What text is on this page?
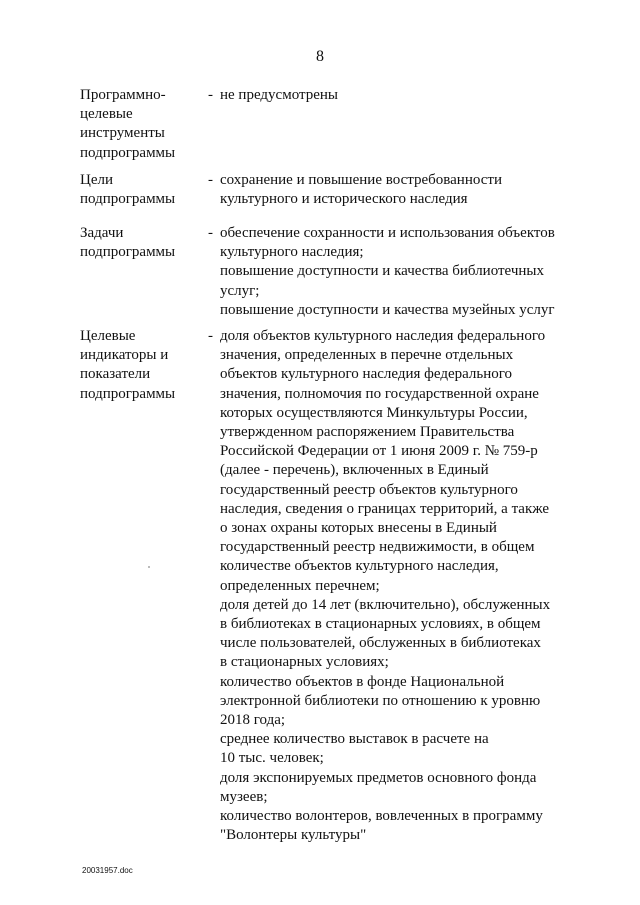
8
Программно-
целевые
инструменты
подпрограммы
- не предусмотрены
Цели
подпрограммы
- сохранение и повышение востребованности
культурного и исторического наследия
Задачи
подпрограммы
- обеспечение сохранности и использования объектов
культурного наследия;
повышение доступности и качества библиотечных
услуг;
повышение доступности и качества музейных услуг
Целевые
индикаторы и
показатели
подпрограммы
- доля объектов культурного наследия федерального
значения, определенных в перечне отдельных
объектов культурного наследия федерального
значения, полномочия по государственной охране
которых осуществляются Минкультуры России,
утвержденном распоряжением Правительства
Российской Федерации от 1 июня 2009 г. № 759-р
(далее - перечень), включенных в Единый
государственный реестр объектов культурного
наследия, сведения о границах территорий, а также
о зонах охраны которых внесены в Единый
государственный реестр недвижимости, в общем
количестве объектов культурного наследия,
определенных перечнем;
доля детей до 14 лет (включительно), обслуженных
в библиотеках в стационарных условиях, в общем
числе пользователей, обслуженных в библиотеках
в стационарных условиях;
количество объектов в фонде Национальной
электронной библиотеки по отношению к уровню
2018 года;
среднее количество выставок в расчете на
10 тыс. человек;
доля экспонируемых предметов основного фонда
музеев;
количество волонтеров, вовлеченных в программу
"Волонтеры культуры"
20031957.doc
